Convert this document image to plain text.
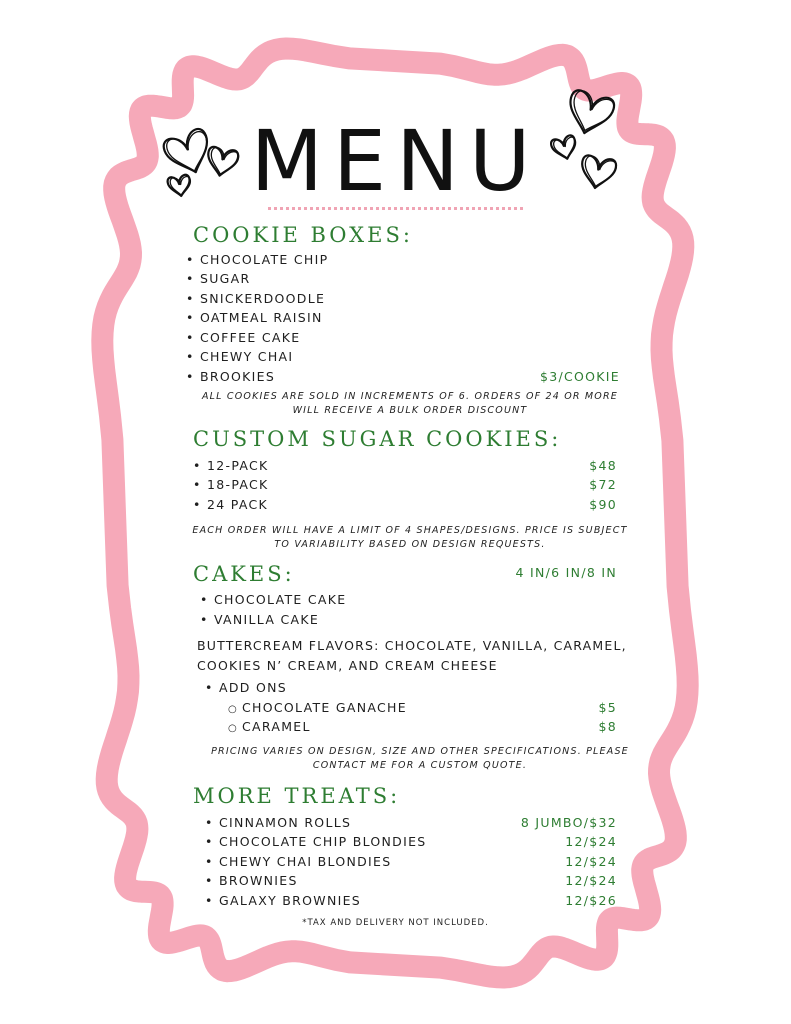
MENU
COOKIE BOXES:
• CHOCOLATE CHIP
• SUGAR
• SNICKERDOODLE
• OATMEAL RAISIN
• COFFEE CAKE
• CHEWY CHAI
• BROOKIES	$3/COOKIE
ALL COOKIES ARE SOLD IN INCREMENTS OF 6. ORDERS OF 24 OR MORE
WILL RECEIVE A BULK ORDER DISCOUNT
CUSTOM SUGAR COOKIES:
• 12-PACK	$48
• 18-PACK	$72
• 24 PACK	$90
EACH ORDER WILL HAVE A LIMIT OF 4 SHAPES/DESIGNS. PRICE IS SUBJECT
TO VARIABILITY BASED ON DESIGN REQUESTS.
CAKES:	4 IN/6 IN/8 IN
• CHOCOLATE CAKE
• VANILLA CAKE
BUTTERCREAM FLAVORS: CHOCOLATE, VANILLA, CARAMEL,
COOKIES N’ CREAM, AND CREAM CHEESE
• ADD ONS
○ CHOCOLATE GANACHE	$5
○ CARAMEL	$8
PRICING VARIES ON DESIGN, SIZE AND OTHER SPECIFICATIONS. PLEASE
CONTACT ME FOR A CUSTOM QUOTE.
MORE TREATS:
• CINNAMON ROLLS	8 JUMBO/$32
• CHOCOLATE CHIP BLONDIES	12/$24
• CHEWY CHAI BLONDIES	12/$24
• BROWNIES	12/$24
• GALAXY BROWNIES	12/$26
*TAX AND DELIVERY NOT INCLUDED.
